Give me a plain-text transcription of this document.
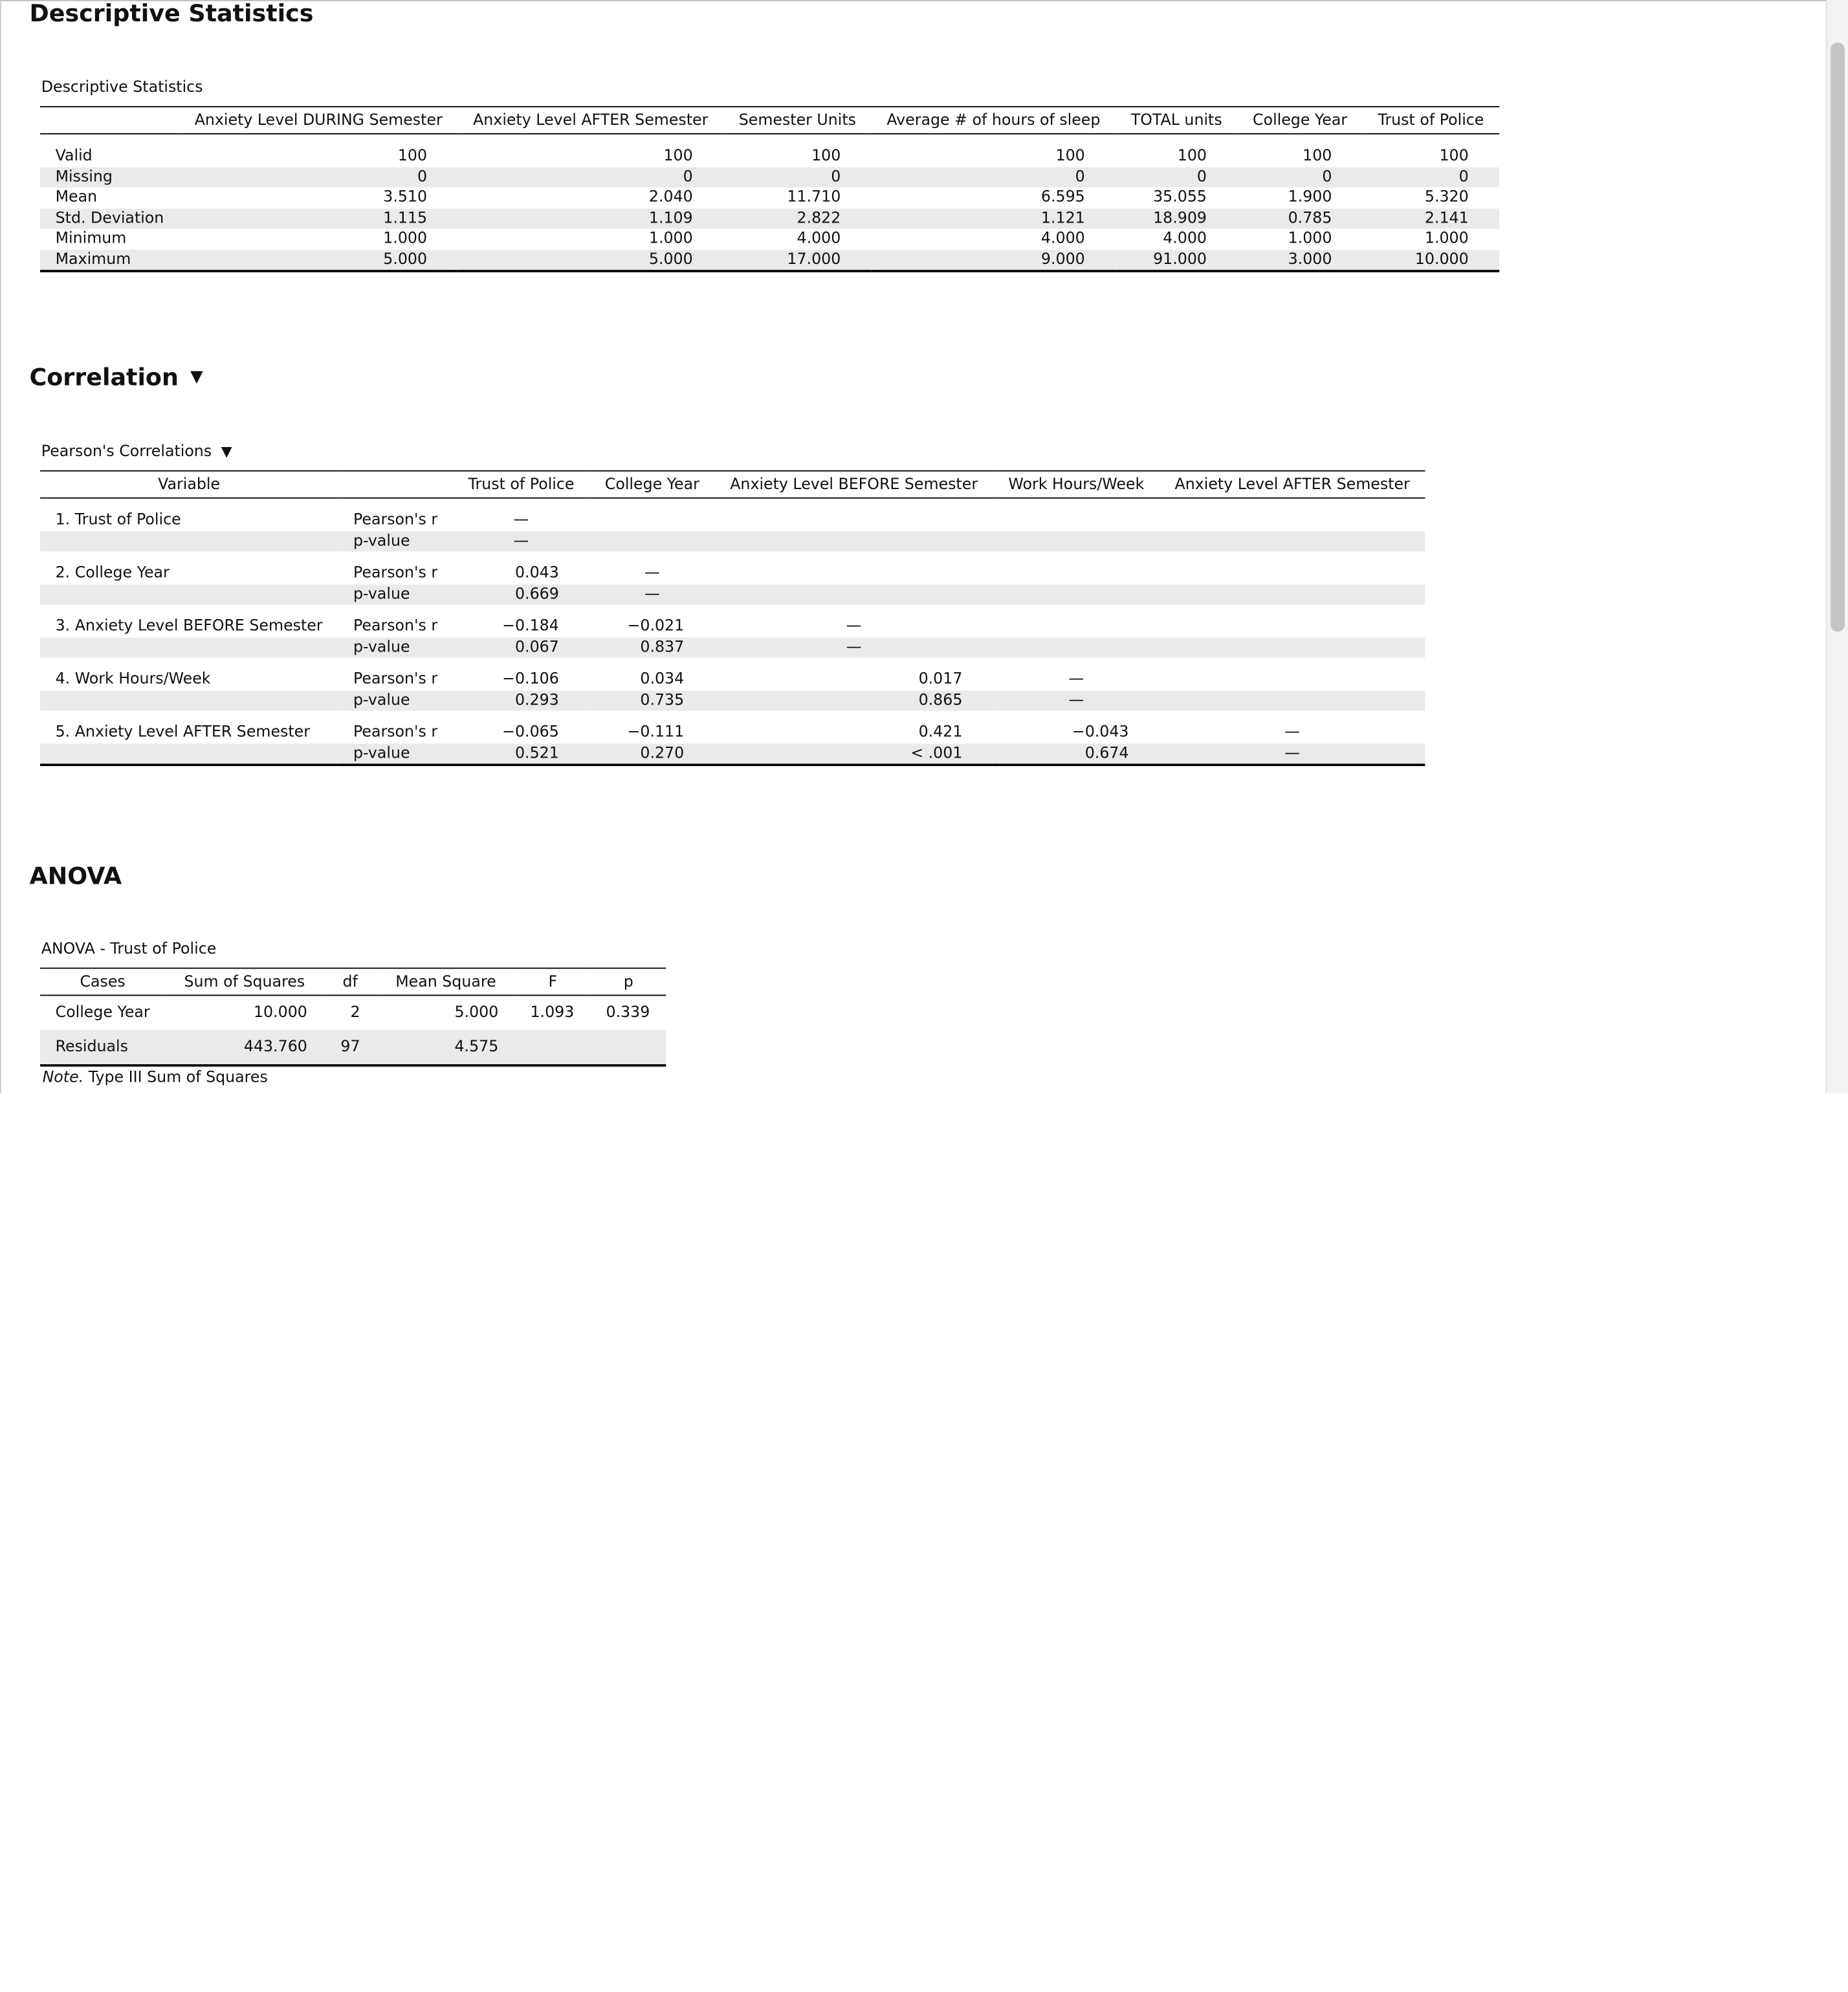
Descriptive Statistics
Descriptive Statistics
	Anxiety Level DURING Semester	Anxiety Level AFTER Semester	Semester Units	Average # of hours of sleep	TOTAL units	College Year	Trust of Police

Valid	100	100	100	100	100	100	100
Missing	0	0	0	0	0	0	0
Mean	3.510	2.040	11.710	6.595	35.055	1.900	5.320
Std. Deviation	1.115	1.109	2.822	1.121	18.909	0.785	2.141
Minimum	1.000	1.000	4.000	4.000	4.000	1.000	1.000
Maximum	5.000	5.000	17.000	9.000	91.000	3.000	10.000
Correlation ▼
Pearson's Correlations ▼
Variable		Trust of Police	College Year	Anxiety Level BEFORE Semester	Work Hours/Week	Anxiety Level AFTER Semester

1. Trust of Police	Pearson's r	—				
	p-value	—				

2. College Year	Pearson's r	0.043	—			
	p-value	0.669	—			

3. Anxiety Level BEFORE Semester	Pearson's r	−0.184	−0.021	—		
	p-value	0.067	0.837	—		

4. Work Hours/Week	Pearson's r	−0.106	0.034	0.017	—	
	p-value	0.293	0.735	0.865	—	

5. Anxiety Level AFTER Semester	Pearson's r	−0.065	−0.111	0.421	−0.043	—
	p-value	0.521	0.270	< .001	0.674	—
ANOVA
ANOVA - Trust of Police
Cases	Sum of Squares	df	Mean Square	F	p
College Year	10.000	2	5.000	1.093	0.339
Residuals	443.760	97	4.575		
Note. Type III Sum of Squares
